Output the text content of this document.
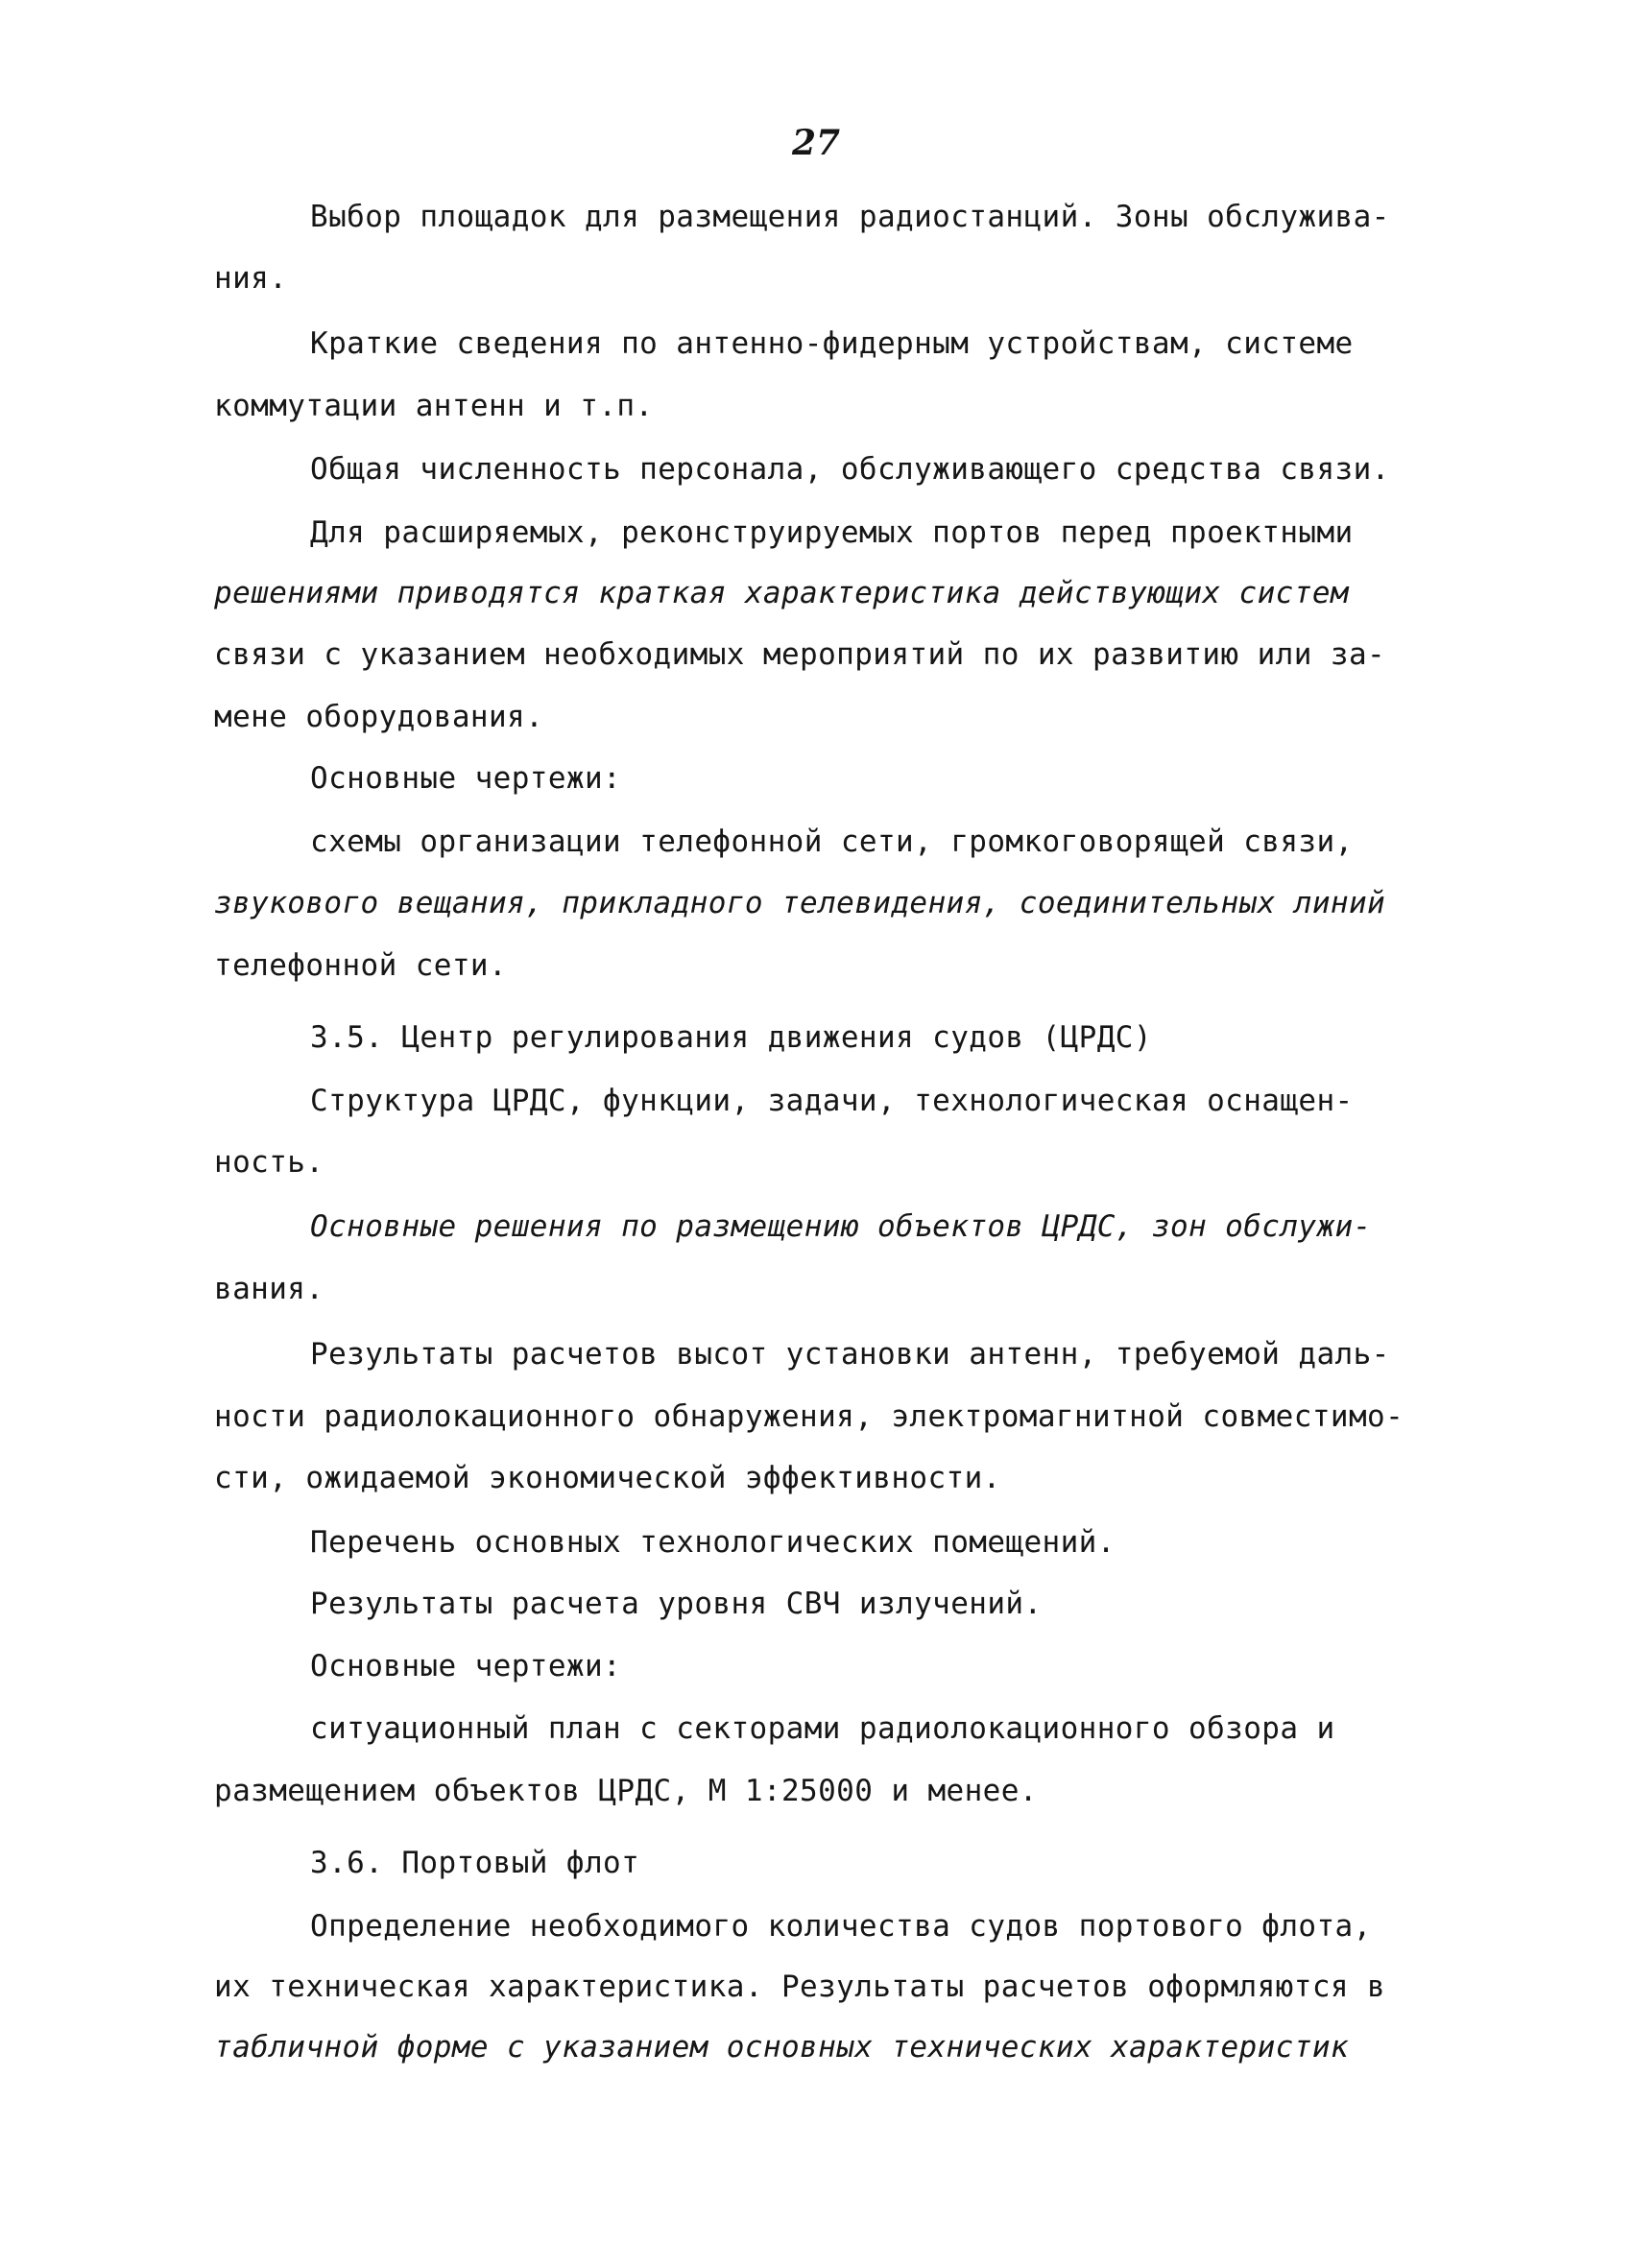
27
Выбор площадок для размещения радиостанций. Зоны обслужива-
ния.
Краткие сведения по антенно-фидерным устройствам, системе
коммутации антенн и т.п.
Общая численность персонала, обслуживающего средства связи.
Для расширяемых, реконструируемых портов перед проектными
решениями приводятся краткая характеристика действующих систем
связи с указанием необходимых мероприятий по их развитию или за-
мене оборудования.
Основные чертежи:
схемы организации телефонной сети, громкоговорящей связи,
звукового вещания, прикладного телевидения, соединительных линий
телефонной сети.
3.5. Центр регулирования движения судов (ЦРДС)
Структура ЦРДС, функции, задачи, технологическая оснащен-
ность.
Основные решения по размещению объектов ЦРДС, зон обслужи-
вания.
Результаты расчетов высот установки антенн, требуемой даль-
ности радиолокационного обнаружения, электромагнитной совместимо-
сти, ожидаемой экономической эффективности.
Перечень основных технологических помещений.
Результаты расчета уровня СВЧ излучений.
Основные чертежи:
ситуационный план с секторами радиолокационного обзора и
размещением объектов ЦРДС, М 1:25000 и менее.
3.6. Портовый флот
Определение необходимого количества судов портового флота,
их техническая характеристика. Результаты расчетов оформляются в
табличной форме с указанием основных технических характеристик
